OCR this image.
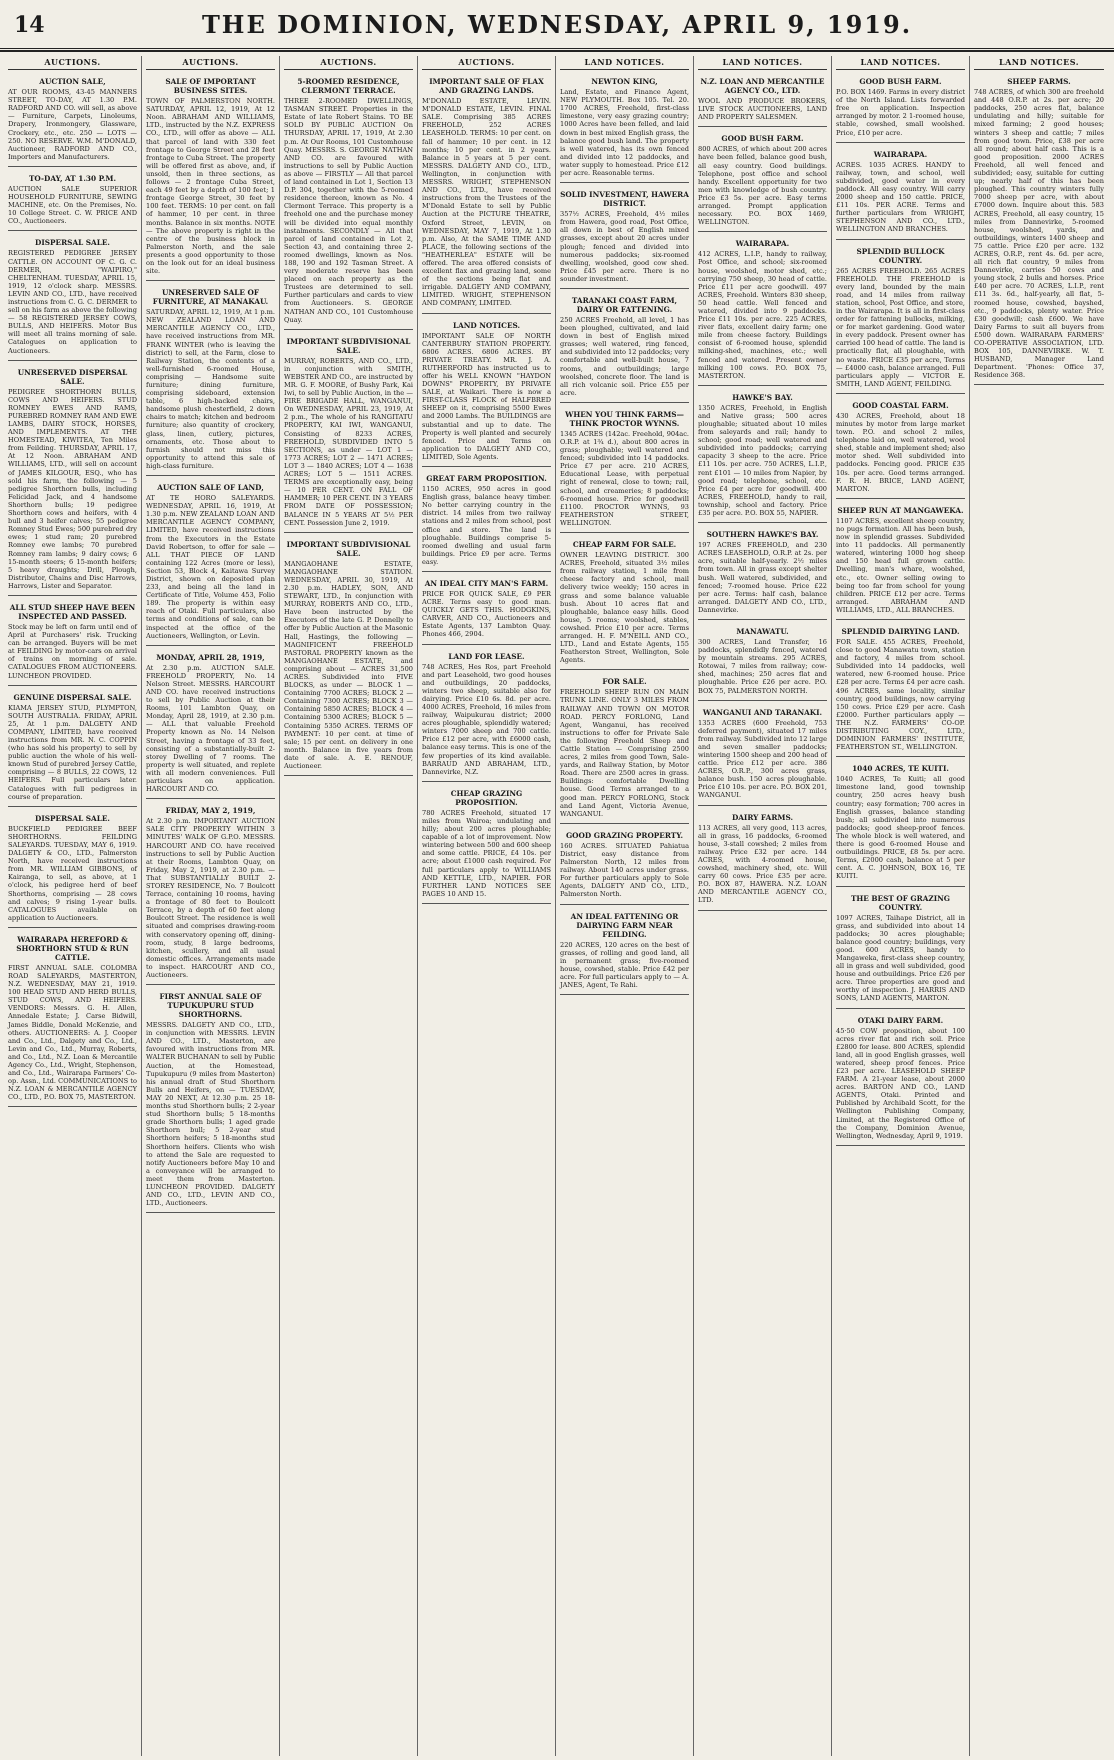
14	THE DOMINION, WEDNESDAY, APRIL 9, 1919.
AUCTIONS.
AUCTION SALE,
AT OUR ROOMS, 43-45 MANNERS STREET, TO-DAY, AT 1.30 P.M. RADFORD AND CO. will sell, as above — Furniture, Carpets, Linoleums, Drapery, Ironmongery, Glassware, Crockery, etc., etc. 250 — LOTS — 250. NO RESERVE. W.M. M'DONALD, Auctioneer, RADFORD AND CO., Importers and Manufacturers.
TO-DAY, AT 1.30 P.M.
AUCTION SALE SUPERIOR HOUSEHOLD FURNITURE, SEWING MACHINE, etc. On the Premises, No. 10 College Street. C. W. PRICE AND CO., Auctioneers.
DISPERSAL SALE.
REGISTERED PEDIGREE JERSEY CATTLE. ON ACCOUNT OF C. G. C. DERMER, "WAIPIRO," CHELTENHAM. TUESDAY, APRIL 15, 1919, 12 o'clock sharp. MESSRS. LEVIN AND CO., LTD., have received instructions from C. G. C. DERMER to sell on his farm as above the following — 58 REGISTERED JERSEY COWS, BULLS, AND HEIFERS. Motor Bus will meet all trains morning of sale. Catalogues on application to Auctioneers.
UNRESERVED DISPERSAL SALE.
PEDIGREE SHORTHORN BULLS, COWS AND HEIFERS. STUD ROMNEY EWES AND RAMS, PUREBRED ROMNEY RAM AND EWE LAMBS, DAIRY STOCK, HORSES, AND IMPLEMENTS. AT THE HOMESTEAD, KIWITEA, Ten Miles from Feilding. THURSDAY, APRIL 17, At 12 Noon. ABRAHAM AND WILLIAMS, LTD., will sell on account of JAMES KILGOUR, ESQ., who has sold his farm, the following — 5 pedigree Shorthorn bulls, including Felicidad Jack, and 4 handsome Shorthorn bulls; 19 pedigree Shorthorn cows and heifers, with 4 bull and 3 heifer calves; 55 pedigree Romney Stud Ewes; 500 purebred dry ewes; 1 stud ram; 20 purebred Romney ewe lambs; 70 purebred Romney ram lambs; 9 dairy cows; 6 15-month steers; 6 15-month heifers; 5 heavy draughts; Drill, Plough, Distributor, Chains and Disc Harrows, Harrows, Lister and Separator.
ALL STUD SHEEP HAVE BEEN INSPECTED AND PASSED.
Stock may be left on farm until end of April at Purchasers' risk. Trucking can be arranged. Buyers will be met at FEILDING by motor-cars on arrival of trains on morning of sale. CATALOGUES FROM AUCTIONEERS. LUNCHEON PROVIDED.
GENUINE DISPERSAL SALE.
KIAMA JERSEY STUD, PLYMPTON, SOUTH AUSTRALIA. FRIDAY, APRIL 25, At 1 p.m. DALGETY AND COMPANY, LIMITED, have received instructions from MR. N. C. COPPIN (who has sold his property) to sell by public auction the whole of his well-known Stud of purebred Jersey Cattle, comprising — 8 BULLS, 22 COWS, 12 HEIFERS. Full particulars later. Catalogues with full pedigrees in course of preparation.
DISPERSAL SALE.
BUCKFIELD PEDIGREE BEEF SHORTHORNS. FEILDING SALEYARDS. TUESDAY, MAY 6, 1919. DALGETY & CO., LTD., Palmerston North, have received instructions from MR. WILLIAM GIBBONS, of Kairanga, to sell, as above, at 1 o'clock, his pedigree herd of beef Shorthorns, comprising — 28 cows and calves; 9 rising 1-year bulls. CATALOGUES available on application to Auctioneers.
WAIRARAPA HEREFORD & SHORTHORN STUD & RUN CATTLE.
FIRST ANNUAL SALE. COLOMBA ROAD SALEYARDS, MASTERTON, N.Z. WEDNESDAY, MAY 21, 1919. 100 HEAD STUD AND HERD BULLS, STUD COWS, AND HEIFERS. VENDORS: Messrs. G. H. Allen, Annedale Estate; J. Carse Bidwill, James Biddle, Donald McKenzie, and others. AUCTIONEERS: A. J. Cooper and Co., Ltd., Dalgety and Co., Ltd., Levin and Co., Ltd., Murray, Roberts, and Co., Ltd., N.Z. Loan & Mercantile Agency Co., Ltd., Wright, Stephenson, and Co., Ltd., Wairarapa Farmers' Co-op. Assn., Ltd. COMMUNICATIONS to N.Z. LOAN & MERCANTILE AGENCY CO., LTD., P.O. BOX 75, MASTERTON.
AUCTIONS.
SALE OF IMPORTANT BUSINESS SITES.
TOWN OF PALMERSTON NORTH. SATURDAY, APRIL 12, 1919, At 12 Noon. ABRAHAM AND WILLIAMS, LTD., instructed by the N.Z. EXPRESS CO., LTD., will offer as above — ALL that parcel of land with 330 feet frontage to George Street and 28 feet frontage to Cuba Street. The property will be offered first as above, and, if unsold, then in three sections, as follows — 2 frontage Cuba Street, each 49 feet by a depth of 100 feet; 1 frontage George Street, 30 feet by 100 feet. TERMS: 10 per cent. on fall of hammer, 10 per cent. in three months. Balance in six months. NOTE — The above property is right in the centre of the business block in Palmerston North, and the sale presents a good opportunity to those on the look out for an ideal business site.
UNRESERVED SALE OF FURNITURE, AT MANAKAU.
SATURDAY, APRIL 12, 1919, At 1 p.m. NEW ZEALAND LOAN AND MERCANTILE AGENCY CO., LTD., have received instructions from MR. FRANK WINTER (who is leaving the district) to sell, at the Farm, close to Railway Station, the contents of a well-furnished 6-roomed House, comprising — Handsome suite furniture; dining furniture, comprising sideboard, extension table, 6 high-backed chairs, handsome plush chesterfield, 2 down chairs to match; kitchen and bedroom furniture; also quantity of crockery, glass, linen, cutlery, pictures, ornaments, etc. Those about to furnish should not miss this opportunity to attend this sale of high-class furniture.
AUCTION SALE OF LAND,
AT TE HORO SALEYARDS. WEDNESDAY, APRIL 16, 1919, At 1.30 p.m. NEW ZEALAND LOAN AND MERCANTILE AGENCY COMPANY, LIMITED, have received instructions from the Executors in the Estate David Robertson, to offer for sale — ALL THAT PIECE OF LAND containing 122 Acres (more or less), Section 53, Block 4, Kaitawa Survey District, shown on deposited plan 233, and being all the land in Certificate of Title, Volume 453, Folio 189. The property is within easy reach of Otaki. Full particulars, also terms and conditions of sale, can be inspected at the office of the Auctioneers, Wellington, or Levin.
MONDAY, APRIL 28, 1919,
At 2.30 p.m. AUCTION SALE. FREEHOLD PROPERTY, No. 14 Nelson Street. MESSRS. HARCOURT AND CO. have received instructions to sell by Public Auction at their Rooms, 101 Lambton Quay, on Monday, April 28, 1919, at 2.30 p.m. — ALL that valuable Freehold Property known as No. 14 Nelson Street, having a frontage of 33 feet, consisting of a substantially-built 2-storey Dwelling of 7 rooms. The property is well situated, and replete with all modern conveniences. Full particulars on application. HARCOURT AND CO.
FRIDAY, MAY 2, 1919,
At 2.30 p.m. IMPORTANT AUCTION SALE CITY PROPERTY WITHIN 3 MINUTES' WALK OF G.P.O. MESSRS. HARCOURT AND CO. have received instructions to sell by Public Auction at their Rooms, Lambton Quay, on Friday, May 2, 1919, at 2.30 p.m. — That SUBSTANTIALLY BUILT 2-STOREY RESIDENCE, No. 7 Boulcott Terrace, containing 10 rooms, having a frontage of 80 feet to Boulcott Terrace, by a depth of 60 feet along Boulcott Street. The residence is well situated and comprises drawing-room with conservatory opening off, dining-room, study, 8 large bedrooms, kitchen, scullery, and all usual domestic offices. Arrangements made to inspect. HARCOURT AND CO., Auctioneers.
FIRST ANNUAL SALE OF TUPUKUPURU STUD SHORTHORNS.
MESSRS. DALGETY AND CO., LTD., in conjunction with MESSRS. LEVIN AND CO., LTD., Masterton, are favoured with instructions from MR. WALTER BUCHANAN to sell by Public Auction, at the Homestead, Tupukupuru (9 miles from Masterton) his annual draft of Stud Shorthorn Bulls and Heifers, on — TUESDAY, MAY 20 NEXT, At 12.30 p.m. 25 18-months stud Shorthorn bulls; 2 2-year stud Shorthorn bulls; 5 18-months grade Shorthorn bulls; 1 aged grade Shorthorn bull; 5 2-year stud Shorthorn heifers; 5 18-months stud Shorthorn heifers. Clients who wish to attend the Sale are requested to notify Auctioneers before May 10 and a conveyance will be arranged to meet them from Masterton. LUNCHEON PROVIDED. DALGETY AND CO., LTD., LEVIN AND CO., LTD., Auctioneers.
AUCTIONS.
5-ROOMED RESIDENCE, CLERMONT TERRACE.
THREE 2-ROOMED DWELLINGS, TASMAN STREET. Properties in the Estate of late Robert Stains. TO BE SOLD BY PUBLIC AUCTION On THURSDAY, APRIL 17, 1919, At 2.30 p.m. At Our Rooms, 101 Customhouse Quay. MESSRS. S. GEORGE NATHAN AND CO. are favoured with instructions to sell by Public Auction as above — FIRSTLY — All that parcel of land contained in Lot 1, Section 13 D.P. 304, together with the 5-roomed residence thereon, known as No. 4 Clermont Terrace. This property is a freehold one and the purchase money will be divided into equal monthly instalments. SECONDLY — All that parcel of land contained in Lot 2, Section 43, and containing three 2-roomed dwellings, known as Nos. 188, 190 and 192 Tasman Street. A very moderate reserve has been placed on each property as the Trustees are determined to sell. Further particulars and cards to view from Auctioneers. S. GEORGE NATHAN AND CO., 101 Customhouse Quay.
IMPORTANT SUBDIVISIONAL SALE.
MURRAY, ROBERTS, AND CO., LTD., in conjunction with SMITH, WEBSTER AND CO., are instructed by MR. G. F. MOORE, of Bushy Park, Kai Iwi, to sell by Public Auction, in the — FIRE BRIGADE HALL, WANGANUI, On WEDNESDAY, APRIL 23, 1919, At 2 p.m., The whole of his RANGITATU PROPERTY, KAI IWI, WANGANUI, Consisting of 8233 ACRES, FREEHOLD, SUBDIVIDED INTO 5 SECTIONS, as under — LOT 1 — 1773 ACRES; LOT 2 — 1471 ACRES; LOT 3 — 1840 ACRES; LOT 4 — 1638 ACRES; LOT 5 — 1511 ACRES. TERMS are exceptionally easy, being — 10 PER CENT. ON FALL OF HAMMER; 10 PER CENT. IN 3 YEARS FROM DATE OF POSSESSION; BALANCE IN 5 YEARS AT 5½ PER CENT. Possession June 2, 1919.
IMPORTANT SUBDIVISIONAL SALE.
MANGAOHANE ESTATE, MANGAOHANE STATION. WEDNESDAY, APRIL 30, 1919, At 2.30 p.m. HADLEY, SON, AND STEWART, LTD., In conjunction with MURRAY, ROBERTS AND CO., LTD., Have been instructed by the Executors of the late G. P. Donnelly to offer by Public Auction at the Masonic Hall, Hastings, the following — MAGNIFICENT FREEHOLD PASTORAL PROPERTY known as the MANGAOHANE ESTATE, and comprising about — ACRES 31,500 ACRES. Subdivided into FIVE BLOCKS, as under — BLOCK 1 — Containing 7700 ACRES; BLOCK 2 — Containing 7300 ACRES; BLOCK 3 — Containing 5850 ACRES; BLOCK 4 — Containing 5300 ACRES; BLOCK 5 — Containing 5350 ACRES. TERMS OF PAYMENT: 10 per cent. at time of sale; 15 per cent. on delivery in one month. Balance in five years from date of sale. A. E. RENOUF, Auctioneer.
AUCTIONS.
IMPORTANT SALE OF FLAX AND GRAZING LANDS.
M'DONALD ESTATE, LEVIN. M'DONALD ESTATE, LEVIN. FINAL SALE. Comprising 385 ACRES FREEHOLD, 252 ACRES LEASEHOLD. TERMS: 10 per cent. on fall of hammer; 10 per cent. in 12 months; 10 per cent. in 2 years. Balance in 5 years at 5 per cent. MESSRS. DALGETY AND CO., LTD., Wellington, in conjunction with MESSRS. WRIGHT, STEPHENSON AND CO., LTD., have received instructions from the Trustees of the M'Donald Estate to sell by Public Auction at the PICTURE THEATRE, Oxford Street, LEVIN, on WEDNESDAY, MAY 7, 1919, At 1.30 p.m. Also, At the SAME TIME AND PLACE, the following sections of the "HEATHERLEA" ESTATE will be offered. The area offered consists of excellent flax and grazing land, some of the sections being flat and irrigable. DALGETY AND COMPANY, LIMITED. WRIGHT, STEPHENSON AND COMPANY, LIMITED.
LAND NOTICES.
IMPORTANT SALE OF NORTH CANTERBURY STATION PROPERTY. 6806 ACRES. 6806 ACRES. BY PRIVATE TREATY. MR. J. A. RUTHERFORD has instructed us to offer his WELL KNOWN "HAYDON DOWNS" PROPERTY, BY PRIVATE SALE, at Waikari. There is now a FIRST-CLASS FLOCK of HALFBRED SHEEP on it, comprising 5500 Ewes and 2000 Lambs. The BUILDINGS are substantial and up to date. The Property is well planted and securely fenced. Price and Terms on application to DALGETY AND CO., LIMITED, Sole Agents.
GREAT FARM PROPOSITION.
1150 ACRES, 950 acres in good English grass, balance heavy timber. No better carrying country in the district. 14 miles from two railway stations and 2 miles from school, post office and store. The land is ploughable. Buildings comprise 5-roomed dwelling and usual farm buildings. Price £9 per acre. Terms easy.
AN IDEAL CITY MAN'S FARM.
PRICE FOR QUICK SALE, £9 PER ACRE. Terms easy to good man. QUICKLY GETS THIS. HODGKINS, CARVER, AND CO., Auctioneers and Estate Agents, 137 Lambton Quay. Phones 466, 2904.
LAND FOR LEASE.
748 ACRES, Hes Ros, part Freehold and part Leasehold, two good houses and outbuildings, 20 paddocks, winters two sheep, suitable also for dairying. Price £10 6s. 8d. per acre. 4000 ACRES, Freehold, 16 miles from railway, Waipukurau district; 2000 acres ploughable, splendidly watered; winters 7000 sheep and 700 cattle. Price £12 per acre, with £6000 cash, balance easy terms. This is one of the few properties of its kind available. BARRAUD AND ABRAHAM, LTD., Dannevirke, N.Z.
CHEAP GRAZING PROPOSITION.
780 ACRES Freehold, situated 17 miles from Wairoa; undulating and hilly; about 200 acres ploughable; capable of a lot of improvement. Now wintering between 500 and 600 sheep and some cattle. PRICE, £4 10s. per acre; about £1000 cash required. For full particulars apply to WILLIAMS AND KETTLE, LTD., NAPIER. FOR FURTHER LAND NOTICES SEE PAGES 10 AND 15.
LAND NOTICES.
NEWTON KING,
Land, Estate, and Finance Agent, NEW PLYMOUTH. Box 105. Tel. 20. 1700 ACRES, Freehold, first-class limestone, very easy grazing country; 1000 Acres have been felled, and laid down in best mixed English grass, the balance good bush land. The property is well watered, has its own fenced and divided into 12 paddocks, and water supply to homestead. Price £12 per acre. Reasonable terms.
SOLID INVESTMENT, HAWERA DISTRICT.
357½ ACRES, Freehold, 4½ miles from Hawera, good road, Post Office, all down in best of English mixed grasses, except about 20 acres under plough; fenced and divided into numerous paddocks; six-roomed dwelling, woolshed, good cow shed. Price £45 per acre. There is no sounder investment.
TARANAKI COAST FARM, DAIRY OR FATTENING.
250 ACRES Freehold, all level, 1 has been ploughed, cultivated, and laid down in best of English mixed grasses; well watered, ring fenced, and subdivided into 12 paddocks; very comfortable and well-built house, 7 rooms, and outbuildings; large woolshed, concrete floor. The land is all rich volcanic soil. Price £55 per acre.
WHEN YOU THINK FARMS—THINK PROCTOR WYNNS.
1345 ACRES (142ac. Freehold, 904ac. O.R.P. at 1¾ d.), about 800 acres in grass; ploughable; well watered and fenced; subdivided into 14 paddocks. Price £7 per acre. 210 ACRES, Educational Lease, with perpetual right of renewal, close to town; rail, school, and creameries; 8 paddocks; 6-roomed house. Price for goodwill £1100. PROCTOR WYNNS, 93 FEATHERSTON STREET, WELLINGTON.
CHEAP FARM FOR SALE.
OWNER LEAVING DISTRICT. 300 ACRES, Freehold, situated 3½ miles from railway station, 1 mile from cheese factory and school, mail delivery twice weekly; 150 acres in grass and some balance valuable bush. About 10 acres flat and ploughable, balance easy hills. Good house, 5 rooms; woolshed, stables, cowshed. Price £10 per acre. Terms arranged. H. F. M'NEILL AND CO., LTD., Land and Estate Agents, 155 Featherston Street, Wellington, Sole Agents.
FOR SALE.
FREEHOLD SHEEP RUN ON MAIN TRUNK LINE. ONLY 3 MILES FROM RAILWAY AND TOWN ON MOTOR ROAD. PERCY FORLONG, Land Agent, Wanganui, has received instructions to offer for Private Sale the following Freehold Sheep and Cattle Station — Comprising 2500 acres, 2 miles from good Town, Sale-yards, and Railway Station, by Motor Road. There are 2500 acres in grass. Buildings: comfortable Dwelling house. Good Terms arranged to a good man. PERCY FORLONG, Stock and Land Agent, Victoria Avenue, WANGANUI.
GOOD GRAZING PROPERTY.
160 ACRES. SITUATED Pahiatua District, easy distance from Palmerston North, 12 miles from railway. About 140 acres under grass. For further particulars apply to Sole Agents, DALGETY AND CO., LTD., Palmerston North.
AN IDEAL FATTENING OR DAIRYING FARM NEAR FEILDING.
220 ACRES, 120 acres on the best of grasses, of rolling and good land, all in permanent grass; five-roomed house, cowshed, stable. Price £42 per acre. For full particulars apply to — A. JANES, Agent, Te Rahi.
LAND NOTICES.
N.Z. LOAN AND MERCANTILE AGENCY CO., LTD.
WOOL AND PRODUCE BROKERS, LIVE STOCK AUCTIONEERS, LAND AND PROPERTY SALESMEN.
GOOD BUSH FARM.
800 ACRES, of which about 200 acres have been felled, balance good bush, all easy country. Good buildings. Telephone, post office and school handy. Excellent opportunity for two men with knowledge of bush country. Price £3 5s. per acre. Easy terms arranged. Prompt application necessary. P.O. BOX 1469, WELLINGTON.
WAIRARAPA.
412 ACRES, L.I.P., handy to railway, Post Office, and school; six-roomed house, woolshed, motor shed, etc.; carrying 750 sheep, 30 head of cattle. Price £11 per acre goodwill. 497 ACRES, Freehold. Winters 830 sheep, 50 head cattle. Well fenced and watered, divided into 9 paddocks. Price £11 10s. per acre. 225 ACRES, river flats, excellent dairy farm; one mile from cheese factory. Buildings consist of 6-roomed house, splendid milking-shed, machines, etc.; well fenced and watered. Present owner milking 100 cows. P.O. BOX 75, MASTERTON.
HAWKE'S BAY.
1350 ACRES, Freehold, in English and Native grass; 500 acres ploughable; situated about 10 miles from saleyards and rail; handy to school; good road; well watered and subdivided into paddocks; carrying capacity 3 sheep to the acre. Price £11 10s. per acre. 750 ACRES, L.I.P., rent £101 — 10 miles from Napier, by good road; telephone, school, etc. Price £4 per acre for goodwill. 400 ACRES, FREEHOLD, handy to rail, township, school and factory. Price £35 per acre. P.O. BOX 55, NAPIER.
SOUTHERN HAWKE'S BAY.
197 ACRES FREEHOLD, and 230 ACRES LEASEHOLD, O.R.P. at 2s. per acre, suitable half-yearly. 2½ miles from town. All in grass except shelter bush. Well watered, subdivided, and fenced; 7-roomed house. Price £22 per acre. Terms: half cash, balance arranged. DALGETY AND CO., LTD., Dannevirke.
MANAWATU.
300 ACRES, Land Transfer, 16 paddocks, splendidly fenced, watered by mountain streams. 295 ACRES, Rotowai, 7 miles from railway; cow-shed, machines; 250 acres flat and ploughable. Price £26 per acre. P.O. BOX 75, PALMERSTON NORTH.
WANGANUI AND TARANAKI.
1353 ACRES (600 Freehold, 753 deferred payment), situated 17 miles from railway. Subdivided into 12 large and seven smaller paddocks; wintering 1500 sheep and 200 head of cattle. Price £12 per acre. 386 ACRES, O.R.P., 300 acres grass, balance bush. 150 acres ploughable. Price £10 10s. per acre. P.O. BOX 201, WANGANUI.
DAIRY FARMS.
113 ACRES, all very good, 113 acres, all in grass, 16 paddocks, 6-roomed house, 3-stall cowshed; 2 miles from railway. Price £32 per acre. 144 ACRES, with 4-roomed house, cowshed, machinery shed, etc. Will carry 60 cows. Price £35 per acre. P.O. BOX 87, HAWERA. N.Z. LOAN AND MERCANTILE AGENCY CO., LTD.
LAND NOTICES.
GOOD BUSH FARM.
P.O. BOX 1469. Farms in every district of the North Island. Lists forwarded free on application. Inspection arranged by motor. 2 1-roomed house, stable, cowshed, small woolshed. Price, £10 per acre.
WAIRARAPA.
ACRES. 1035 ACRES. HANDY to railway, town, and school, well subdivided, good water in every paddock. All easy country. Will carry 2000 sheep and 150 cattle. PRICE, £11 10s. PER ACRE. Terms and further particulars from WRIGHT, STEPHENSON AND CO., LTD., WELLINGTON AND BRANCHES.
SPLENDID BULLOCK COUNTRY.
265 ACRES FREEHOLD. 265 ACRES FREEHOLD. THE FREEHOLD is every land, bounded by the main road, and 14 miles from railway station, school, Post Office, and store, in the Wairarapa. It is all in first-class order for fattening bullocks, milking, or for market gardening. Good water in every paddock. Present owner has carried 100 head of cattle. The land is practically flat, all ploughable, with no waste. PRICE £35 per acre, Terms — £4000 cash, balance arranged. Full particulars apply — VICTOR E. SMITH, LAND AGENT, FEILDING.
GOOD COASTAL FARM.
430 ACRES, Freehold, about 18 minutes by motor from large market town. P.O. and school 2 miles, telephone laid on, well watered, wool shed, stable and implement shed; also motor shed. Well subdivided into paddocks. Fencing good. PRICE £35 10s. per acre. Good terms arranged. F. R. H. BRICE, LAND AGENT, MARTON.
SHEEP RUN AT MANGAWEKA.
1107 ACRES, excellent sheep country, no pugs formation. All has been bush, now in splendid grasses. Subdivided into 11 paddocks. All permanently watered, wintering 1000 hog sheep and 150 head full grown cattle. Dwelling, man's whare, woolshed, etc., etc. Owner selling owing to being too far from school for young children. PRICE £12 per acre. Terms arranged. ABRAHAM AND WILLIAMS, LTD., ALL BRANCHES.
SPLENDID DAIRYING LAND.
FOR SALE. 455 ACRES, Freehold, close to good Manawatu town, station and factory, 4 miles from school. Subdivided into 14 paddocks, well watered, new 6-roomed house. Price £28 per acre. Terms £4 per acre cash. 496 ACRES, same locality, similar country, good buildings, now carrying 150 cows. Price £29 per acre. Cash £2000. Further particulars apply — THE N.Z. FARMERS' CO-OP. DISTRIBUTING COY., LTD., DOMINION FARMERS' INSTITUTE, FEATHERSTON ST., WELLINGTON.
1040 ACRES, TE KUITI.
1040 ACRES, Te Kuiti; all good limestone land, good township country, 250 acres heavy bush country; easy formation; 700 acres in English grasses, balance standing bush; all subdivided into numerous paddocks; good sheep-proof fences. The whole block is well watered, and there is good 6-roomed House and outbuildings. PRICE, £8 5s. per acre. Terms, £2000 cash, balance at 5 per cent. A. C. JOHNSON, BOX 16, TE KUITI.
THE BEST OF GRAZING COUNTRY.
1097 ACRES, Taihape District, all in grass, and subdivided into about 14 paddocks; 30 acres ploughable; balance good country; buildings, very good. 600 ACRES, handy to Mangaweka, first-class sheep country, all in grass and well subdivided, good house and outbuildings. Price £26 per acre. Three properties are good and worthy of inspection. J. HARRIS AND SONS, LAND AGENTS, MARTON.
OTAKI DAIRY FARM.
45·50 COW proposition, about 100 acres river flat and rich soil. Price £2800 for lease. 800 ACRES, splendid land, all in good English grasses, well watered, sheep proof fences. Price £23 per acre. LEASEHOLD SHEEP FARM. A 21-year lease, about 2000 acres. BARTON AND CO., LAND AGENTS, Otaki. Printed and Published by Archibald Scott, for the Wellington Publishing Company, Limited, at the Registered Office of the Company, Dominion Avenue, Wellington, Wednesday, April 9, 1919.
LAND NOTICES.
SHEEP FARMS.
748 ACRES, of which 300 are freehold and 448 O.R.P. at 2s. per acre; 20 paddocks, 250 acres flat, balance undulating and hilly; suitable for mixed farming; 2 good houses; winters 3 sheep and cattle; 7 miles from good town. Price, £38 per acre all round; about half cash. This is a good proposition. 2000 ACRES Freehold, all well fenced and subdivided; easy, suitable for cutting up; nearly half of this has been ploughed. This country winters fully 7000 sheep per acre, with about £7000 down. Inquire about this. 583 ACRES, Freehold, all easy country, 15 miles from Dannevirke, 5-roomed house, woolshed, yards, and outbuildings, winters 1400 sheep and 75 cattle. Price £20 per acre. 132 ACRES, O.R.P., rent 4s. 6d. per acre, all rich flat country, 9 miles from Dannevirke, carries 50 cows and young stock, 2 bulls and horses. Price £40 per acre. 70 ACRES, L.I.P., rent £11 3s. 6d., half-yearly, all flat, 5-roomed house, cowshed, bayshed, etc., 9 paddocks, plenty water. Price £30 goodwill; cash £600. We have Dairy Farms to suit all buyers from £500 down. WAIRARAPA FARMERS' CO-OPERATIVE ASSOCIATION, LTD. BOX 105, DANNEVIRKE. W. T. HUSBAND, Manager Land Department. 'Phones: Office 37, Residence 368.
